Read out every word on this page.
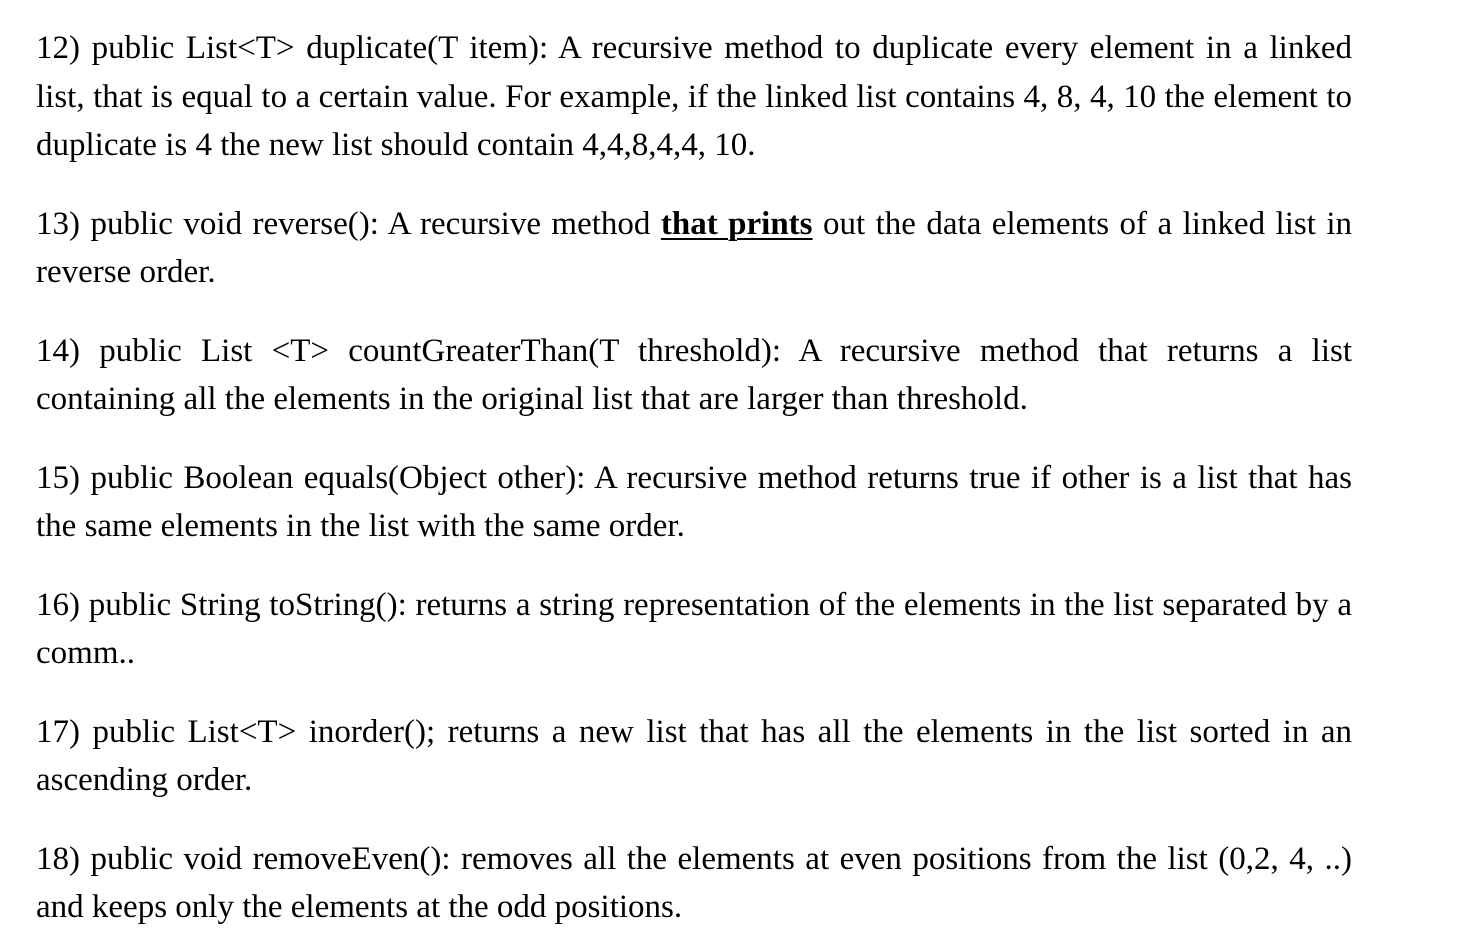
12) public List<T> duplicate(T item): A recursive method to duplicate every element in a linked list, that is equal to a certain value. For example, if the linked list contains 4, 8, 4, 10 the element to duplicate is 4 the new list should contain 4,4,8,4,4, 10.

13) public void reverse(): A recursive method that prints out the data elements of a linked list in reverse order.

14) public List <T> countGreaterThan(T threshold): A recursive method that returns a list containing all the elements in the original list that are larger than threshold.

15) public Boolean equals(Object other): A recursive method returns true if other is a list that has the same elements in the list with the same order.

16) public String toString(): returns a string representation of the elements in the list separated by a comm..

17) public List<T> inorder(); returns a new list that has all the elements in the list sorted in an ascending order.

18) public void removeEven(): removes all the elements at even positions from the list (0,2, 4, ..) and keeps only the elements at the odd positions.
